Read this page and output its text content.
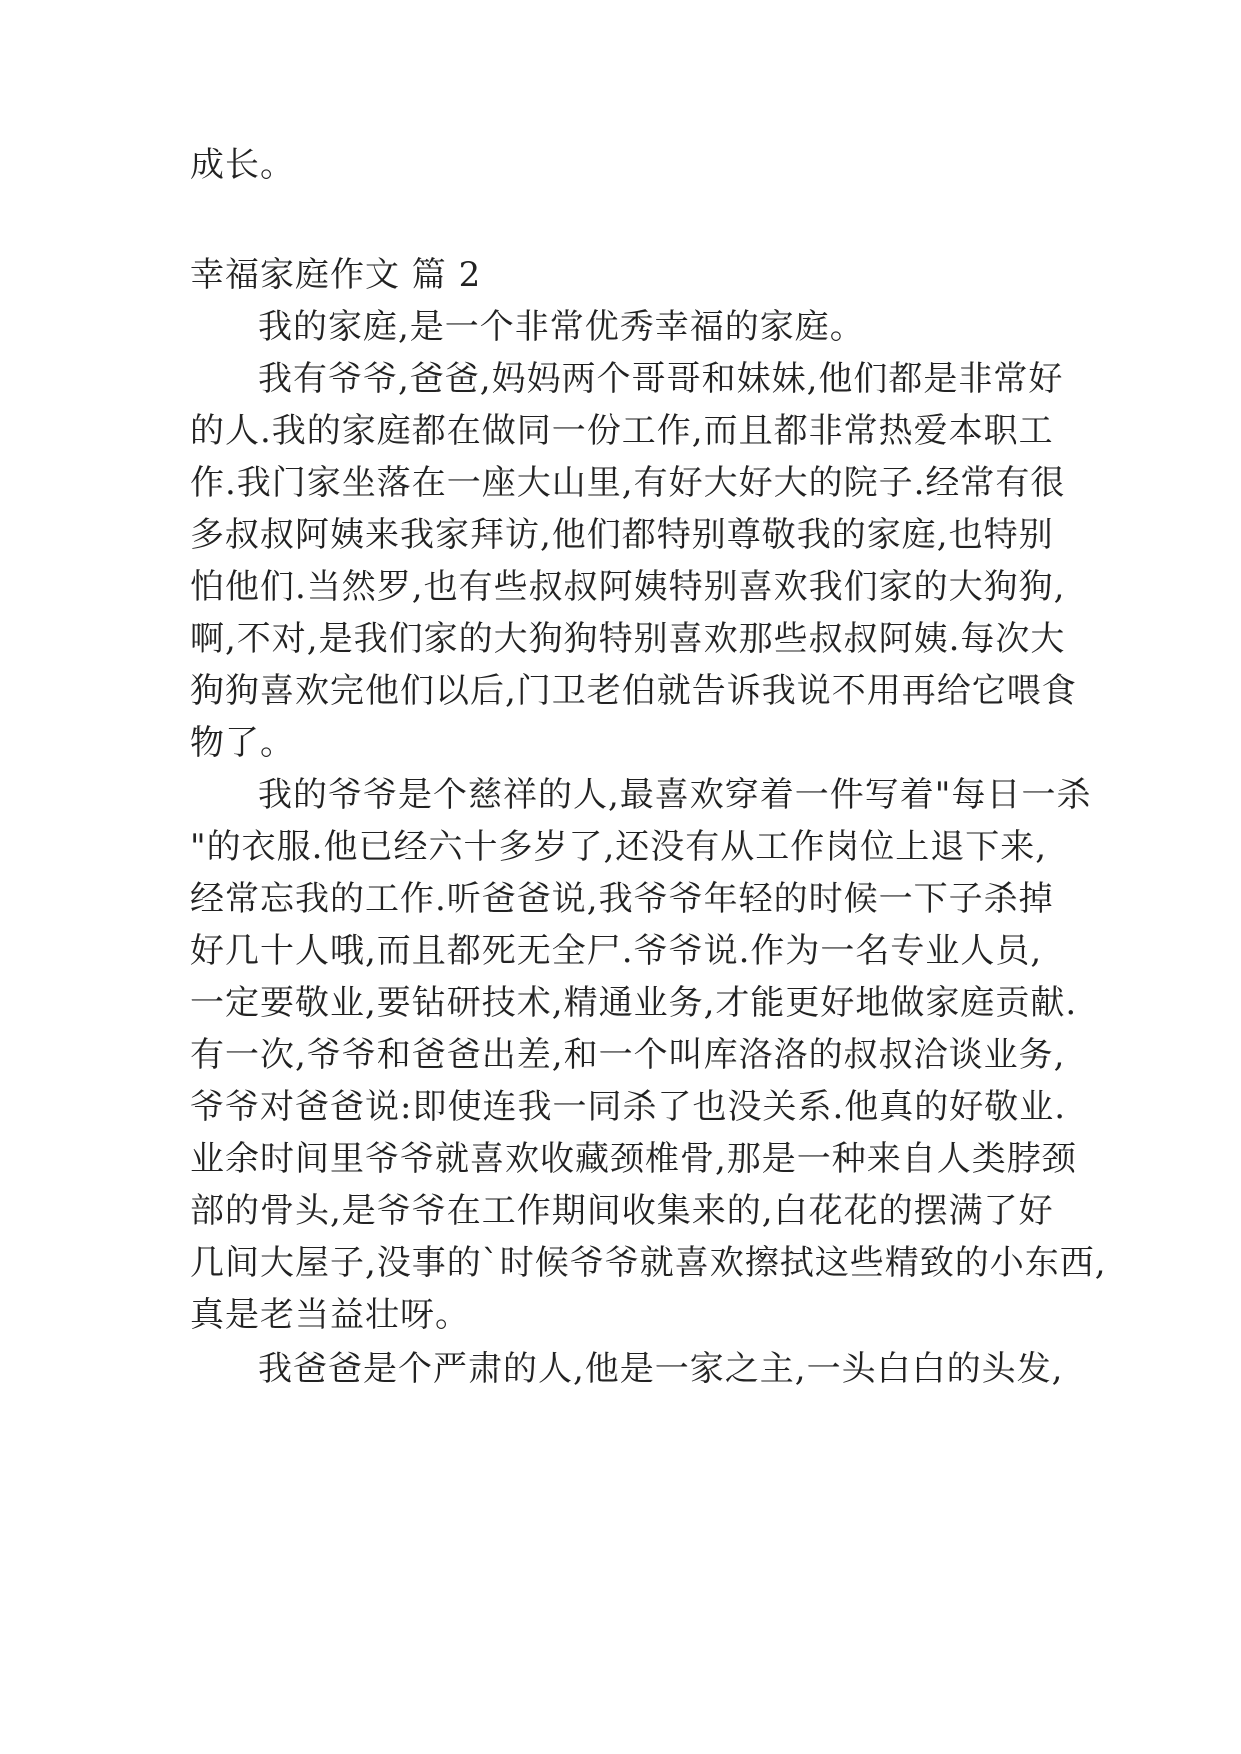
成长。
幸福家庭作文 篇 2
我的家庭,是一个非常优秀幸福的家庭。
我有爷爷,爸爸,妈妈两个哥哥和妹妹,他们都是非常好
的人.我的家庭都在做同一份工作,而且都非常热爱本职工
作.我门家坐落在一座大山里,有好大好大的院子.经常有很
多叔叔阿姨来我家拜访,他们都特别尊敬我的家庭,也特别
怕他们.当然罗,也有些叔叔阿姨特别喜欢我们家的大狗狗,
啊,不对,是我们家的大狗狗特别喜欢那些叔叔阿姨.每次大
狗狗喜欢完他们以后,门卫老伯就告诉我说不用再给它喂食
物了。
我的爷爷是个慈祥的人,最喜欢穿着一件写着"每日一杀
"的衣服.他已经六十多岁了,还没有从工作岗位上退下来,
经常忘我的工作.听爸爸说,我爷爷年轻的时候一下子杀掉
好几十人哦,而且都死无全尸.爷爷说.作为一名专业人员,
一定要敬业,要钻研技术,精通业务,才能更好地做家庭贡献.
有一次,爷爷和爸爸出差,和一个叫库洛洛的叔叔洽谈业务,
爷爷对爸爸说:即使连我一同杀了也没关系.他真的好敬业.
业余时间里爷爷就喜欢收藏颈椎骨,那是一种来自人类脖颈
部的骨头,是爷爷在工作期间收集来的,白花花的摆满了好
几间大屋子,没事的`时候爷爷就喜欢擦拭这些精致的小东西,
真是老当益壮呀。
我爸爸是个严肃的人,他是一家之主,一头白白的头发,
